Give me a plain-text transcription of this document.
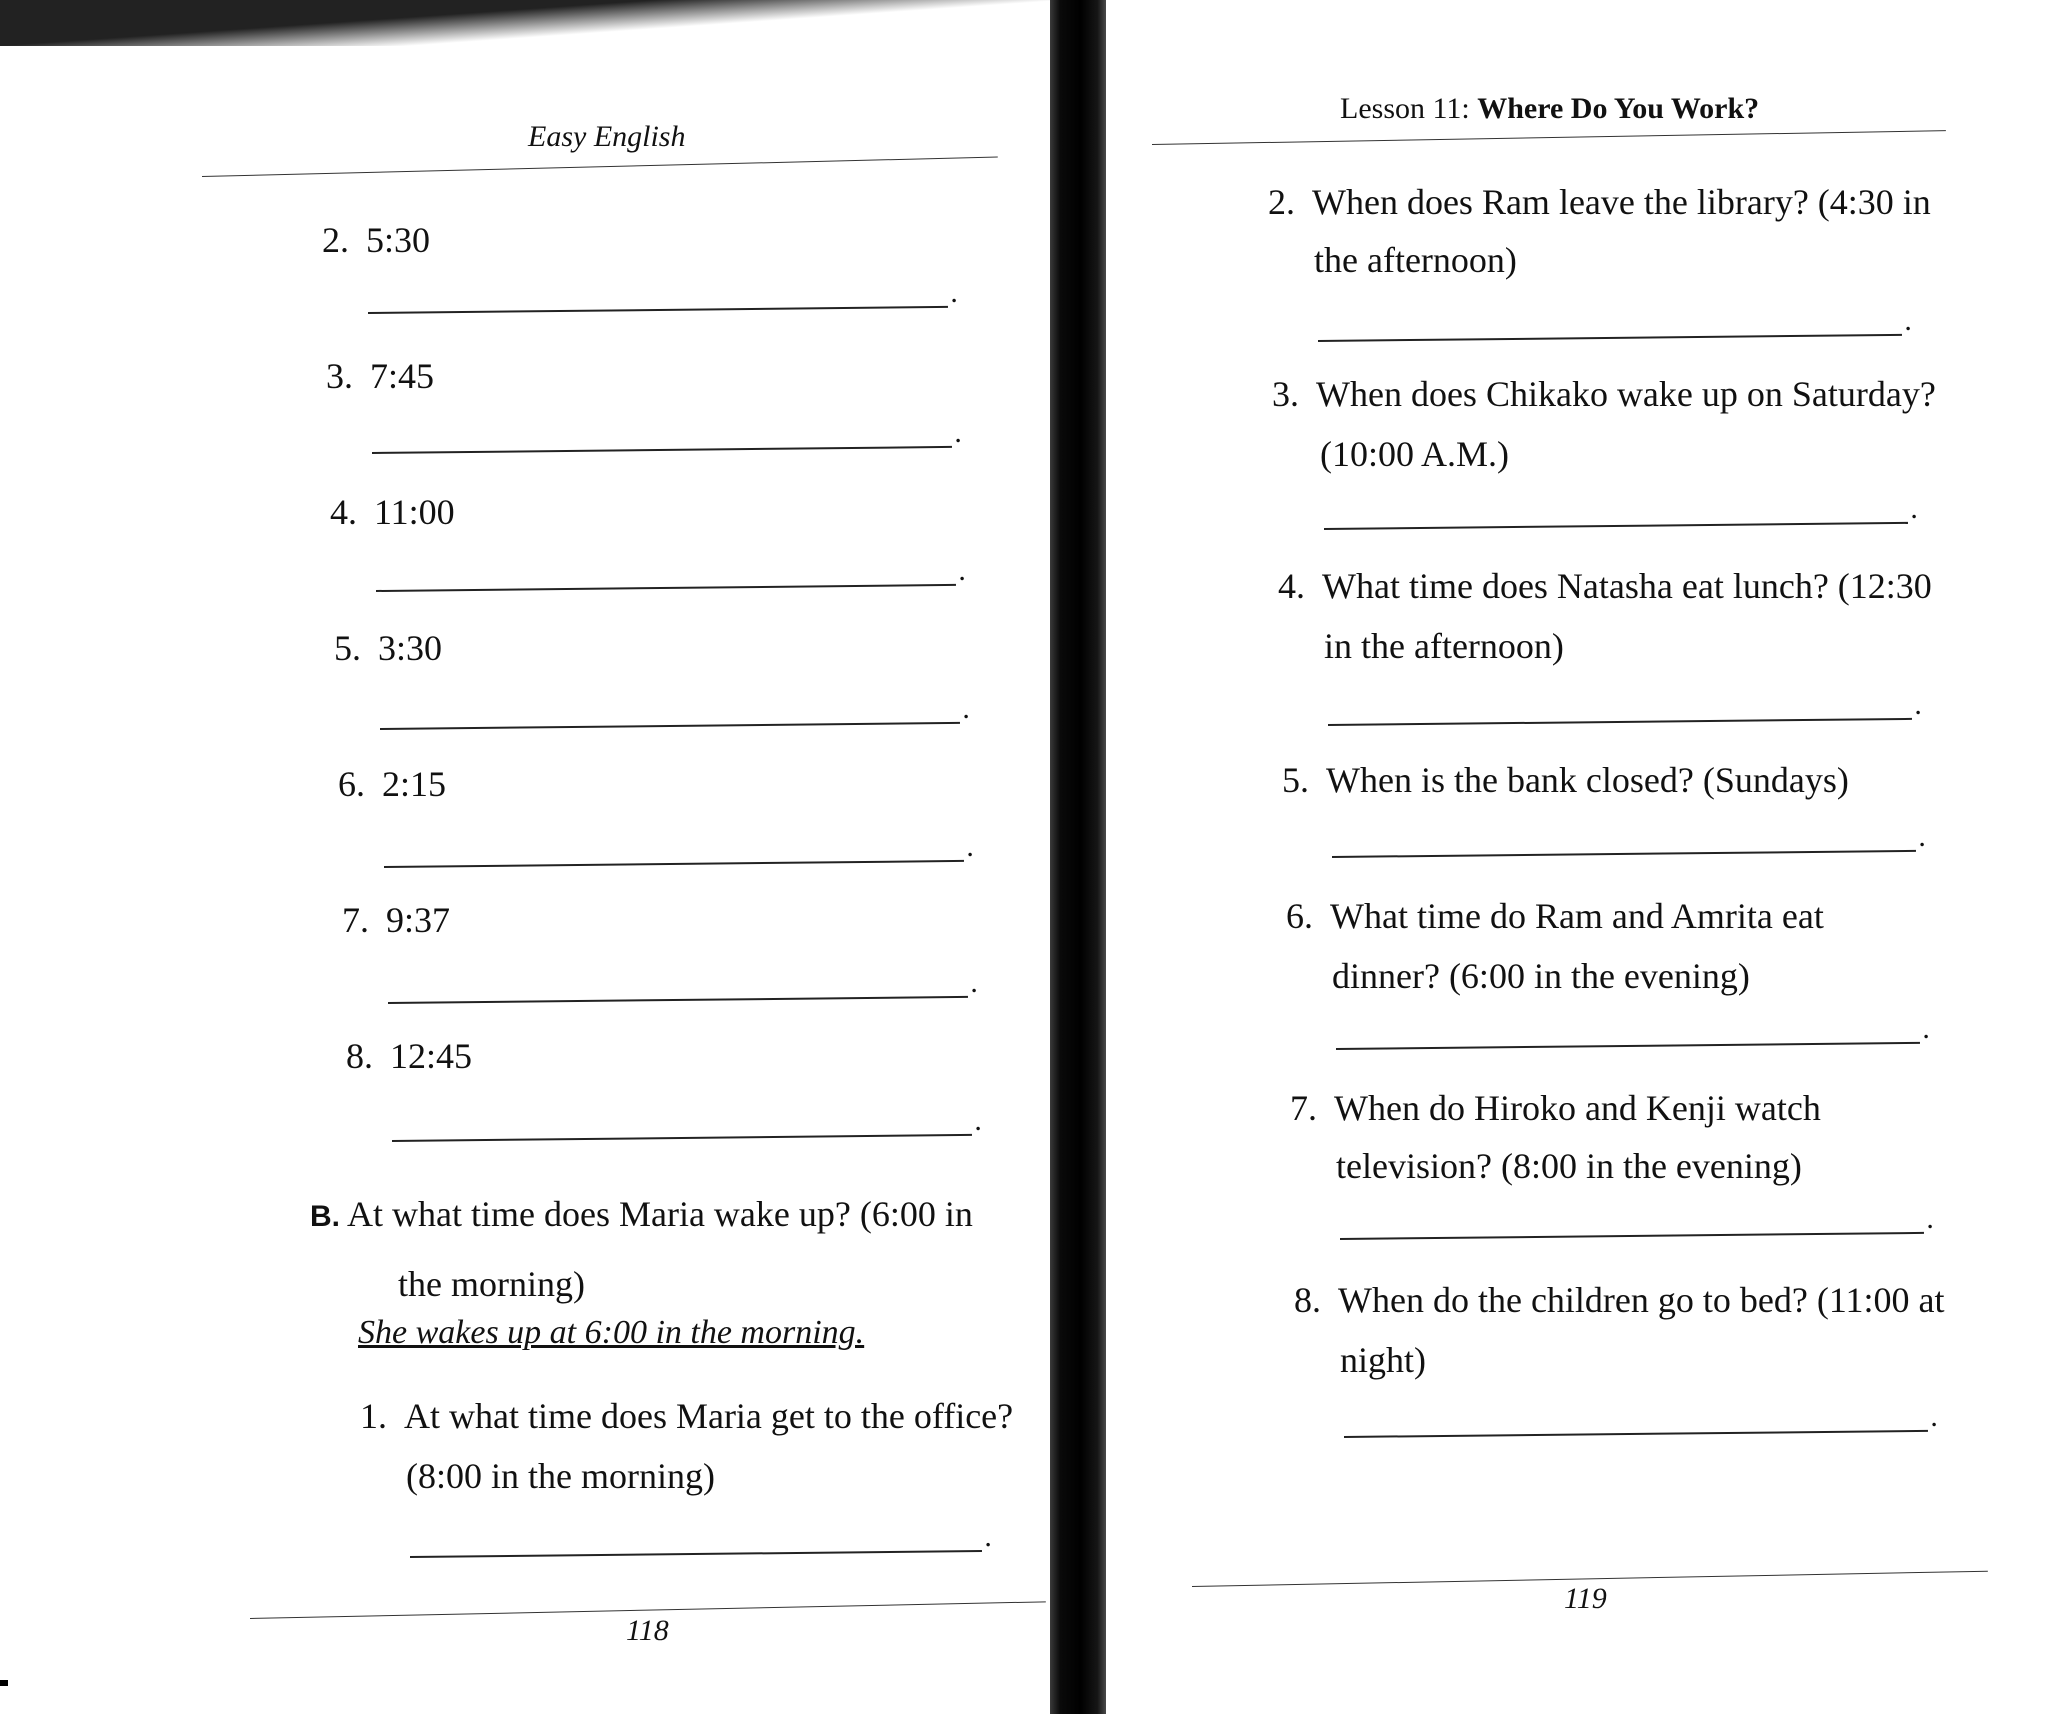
Easy English
2. 5:30
.
3. 7:45
.
4. 11:00
.
5. 3:30
.
6. 2:15
.
7. 9:37
.
8. 12:45
.
B. At what time does Maria wake up? (6:00 in
the morning)
She wakes up at 6:00 in the morning.
1. At what time does Maria get to the office?
(8:00 in the morning)
.
118
Lesson 11: Where Do You Work?
2. When does Ram leave the library? (4:30 in
the afternoon)
.
3. When does Chikako wake up on Saturday?
(10:00 A.M.)
.
4. What time does Natasha eat lunch? (12:30
in the afternoon)
.
5. When is the bank closed? (Sundays)
.
6. What time do Ram and Amrita eat
dinner? (6:00 in the evening)
.
7. When do Hiroko and Kenji watch
television? (8:00 in the evening)
.
8. When do the children go to bed? (11:00 at
night)
.
119
